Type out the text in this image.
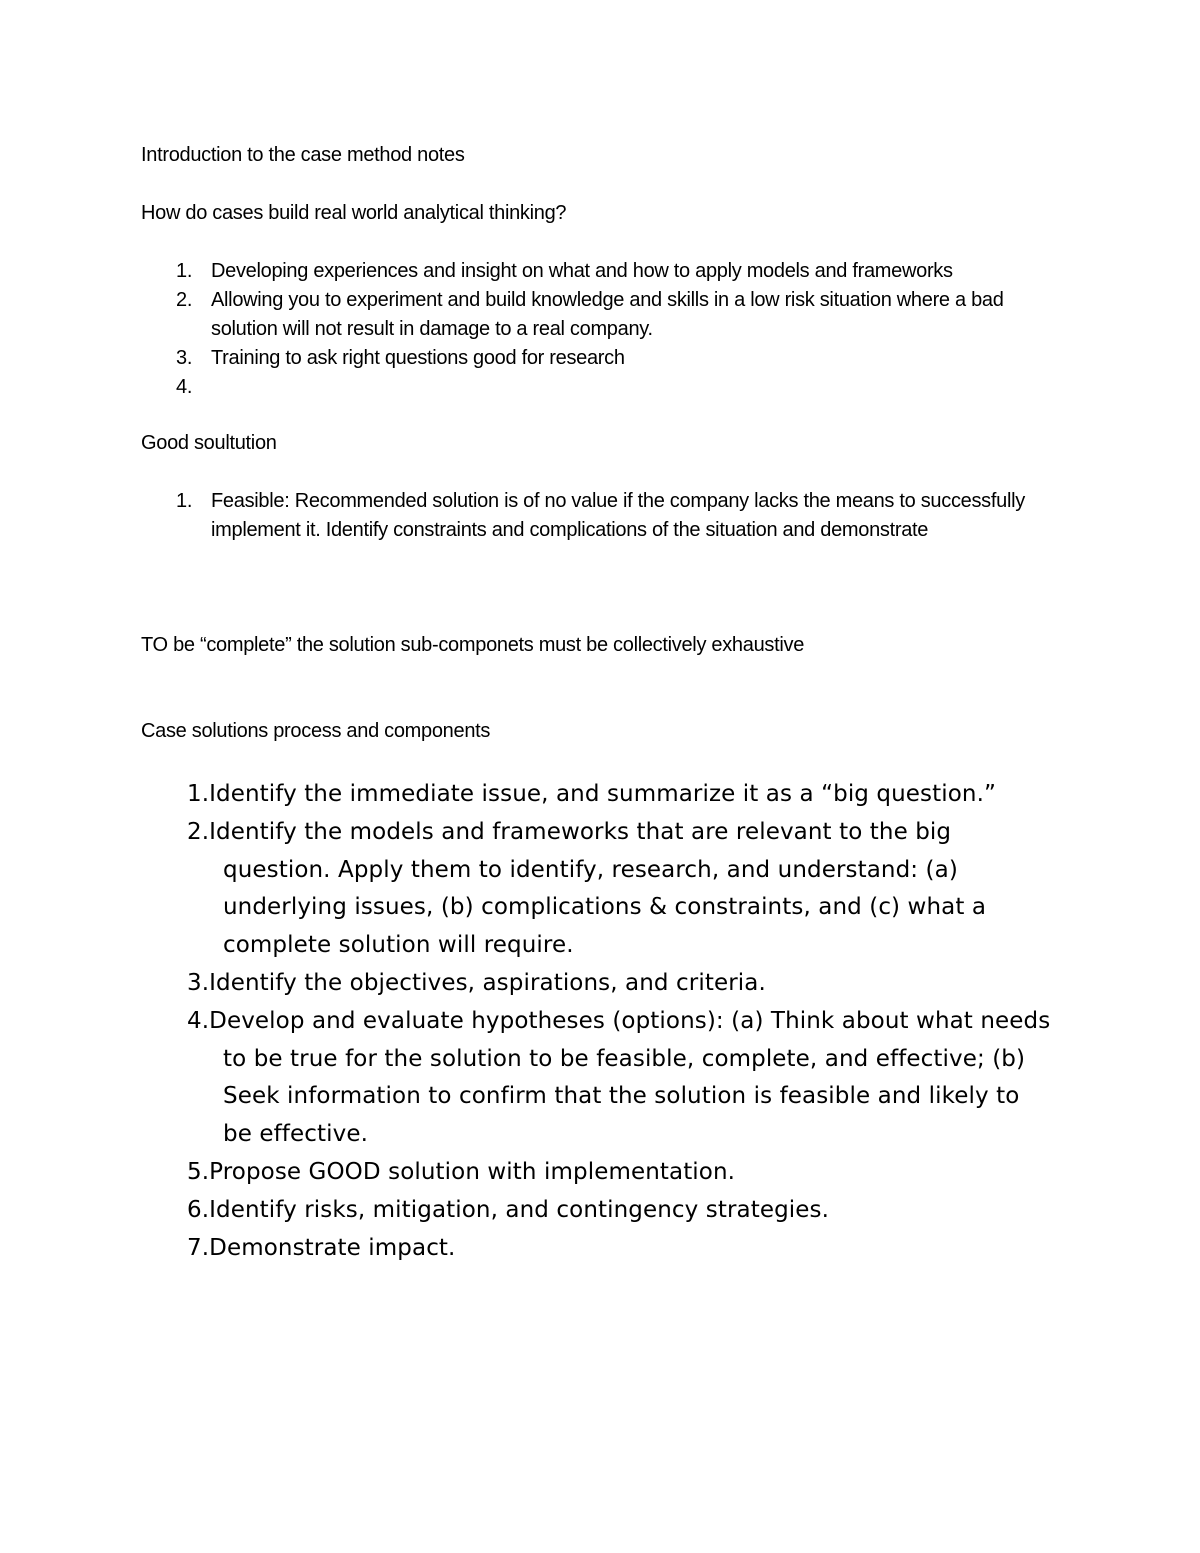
Introduction to the case method notes

How do cases build real world analytical thinking?

1. Developing experiences and insight on what and how to apply models and frameworks
2. Allowing you to experiment and build knowledge and skills in a low risk situation where a bad solution will not result in damage to a real company.
3. Training to ask right questions good for research
4.

Good soultution

1. Feasible: Recommended solution is of no value if the company lacks the means to successfully implement it. Identify constraints and complications of the situation and demonstrate

TO be “complete” the solution sub-componets must be collectively exhaustive

Case solutions process and components

1.Identify the immediate issue, and summarize it as a “big question.”
2.Identify the models and frameworks that are relevant to the big question. Apply them to identify, research, and understand: (a) underlying issues, (b) complications & constraints, and (c) what a complete solution will require.
3.Identify the objectives, aspirations, and criteria.
4.Develop and evaluate hypotheses (options): (a) Think about what needs to be true for the solution to be feasible, complete, and effective; (b) Seek information to confirm that the solution is feasible and likely to be effective.
5.Propose GOOD solution with implementation.
6.Identify risks, mitigation, and contingency strategies.
7.Demonstrate impact.
